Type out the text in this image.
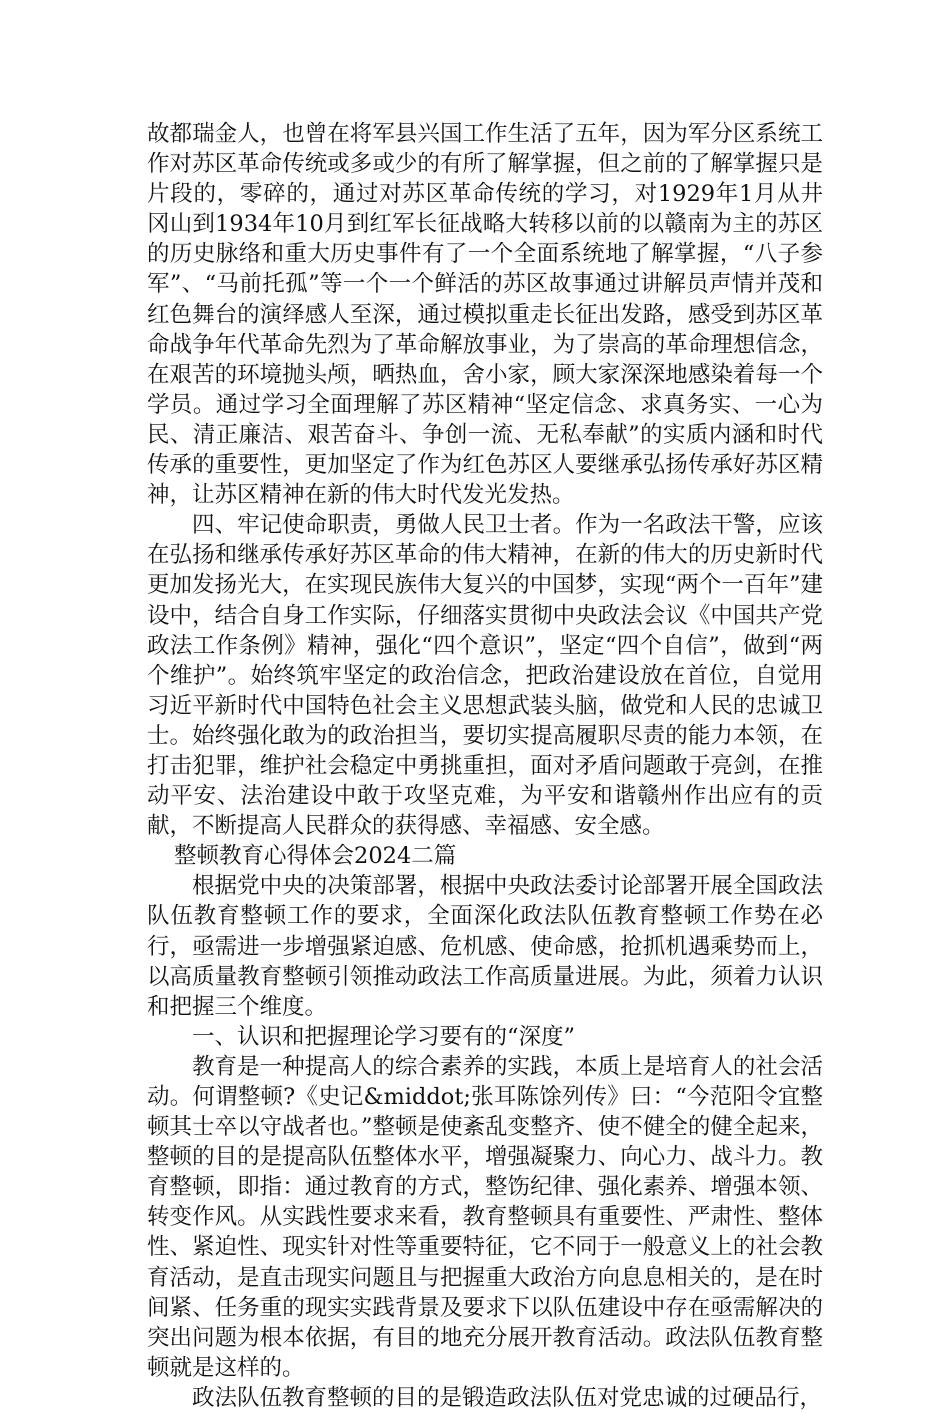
故都瑞金人，也曾在将军县兴国工作生活了五年，因为军分区系统工作对苏区革命传统或多或少的有所了解掌握，但之前的了解掌握只是片段的，零碎的，通过对苏区革命传统的学习，对1929年1月从井冈山到1934年10月到红军长征战略大转移以前的以赣南为主的苏区的历史脉络和重大历史事件有了一个全面系统地了解掌握，“八子参军”、“马前托孤”等一个一个鲜活的苏区故事通过讲解员声情并茂和红色舞台的演绎感人至深，通过模拟重走长征出发路，感受到苏区革命战争年代革命先烈为了革命解放事业，为了崇高的革命理想信念，在艰苦的环境抛头颅，晒热血，舍小家，顾大家深深地感染着每一个学员。通过学习全面理解了苏区精神“坚定信念、求真务实、一心为民、清正廉洁、艰苦奋斗、争创一流、无私奉献”的实质内涵和时代传承的重要性，更加坚定了作为红色苏区人要继承弘扬传承好苏区精神，让苏区精神在新的伟大时代发光发热。

四、牢记使命职责，勇做人民卫士者。作为一名政法干警，应该在弘扬和继承传承好苏区革命的伟大精神，在新的伟大的历史新时代更加发扬光大，在实现民族伟大复兴的中国梦，实现“两个一百年”建设中，结合自身工作实际，仔细落实贯彻中央政法会议《中国共产党政法工作条例》精神，强化“四个意识”，坚定“四个自信”，做到“两个维护”。始终筑牢坚定的政治信念，把政治建设放在首位，自觉用习近平新时代中国特色社会主义思想武装头脑，做党和人民的忠诚卫士。始终强化敢为的政治担当，要切实提高履职尽责的能力本领，在打击犯罪，维护社会稳定中勇挑重担，面对矛盾问题敢于亮剑，在推动平安、法治建设中敢于攻坚克难，为平安和谐赣州作出应有的贡献，不断提高人民群众的获得感、幸福感、安全感。

整顿教育心得体会2024二篇

根据党中央的决策部署，根据中央政法委讨论部署开展全国政法队伍教育整顿工作的要求，全面深化政法队伍教育整顿工作势在必行，亟需进一步增强紧迫感、危机感、使命感，抢抓机遇乘势而上，以高质量教育整顿引领推动政法工作高质量进展。为此，须着力认识和把握三个维度。

一、认识和把握理论学习要有的“深度”

教育是一种提高人的综合素养的实践，本质上是培育人的社会活动。何谓整顿?《史记&middot;张耳陈馀列传》曰：“今范阳令宜整顿其士卒以守战者也。”整顿是使紊乱变整齐、使不健全的健全起来，整顿的目的是提高队伍整体水平，增强凝聚力、向心力、战斗力。教育整顿，即指：通过教育的方式，整饬纪律、强化素养、增强本领、转变作风。从实践性要求来看，教育整顿具有重要性、严肃性、整体性、紧迫性、现实针对性等重要特征，它不同于一般意义上的社会教育活动，是直击现实问题且与把握重大政治方向息息相关的，是在时间紧、任务重的现实实践背景及要求下以队伍建设中存在亟需解决的突出问题为根本依据，有目的地充分展开教育活动。政法队伍教育整顿就是这样的。

政法队伍教育整顿的目的是锻造政法队伍对党忠诚的过硬品行，
